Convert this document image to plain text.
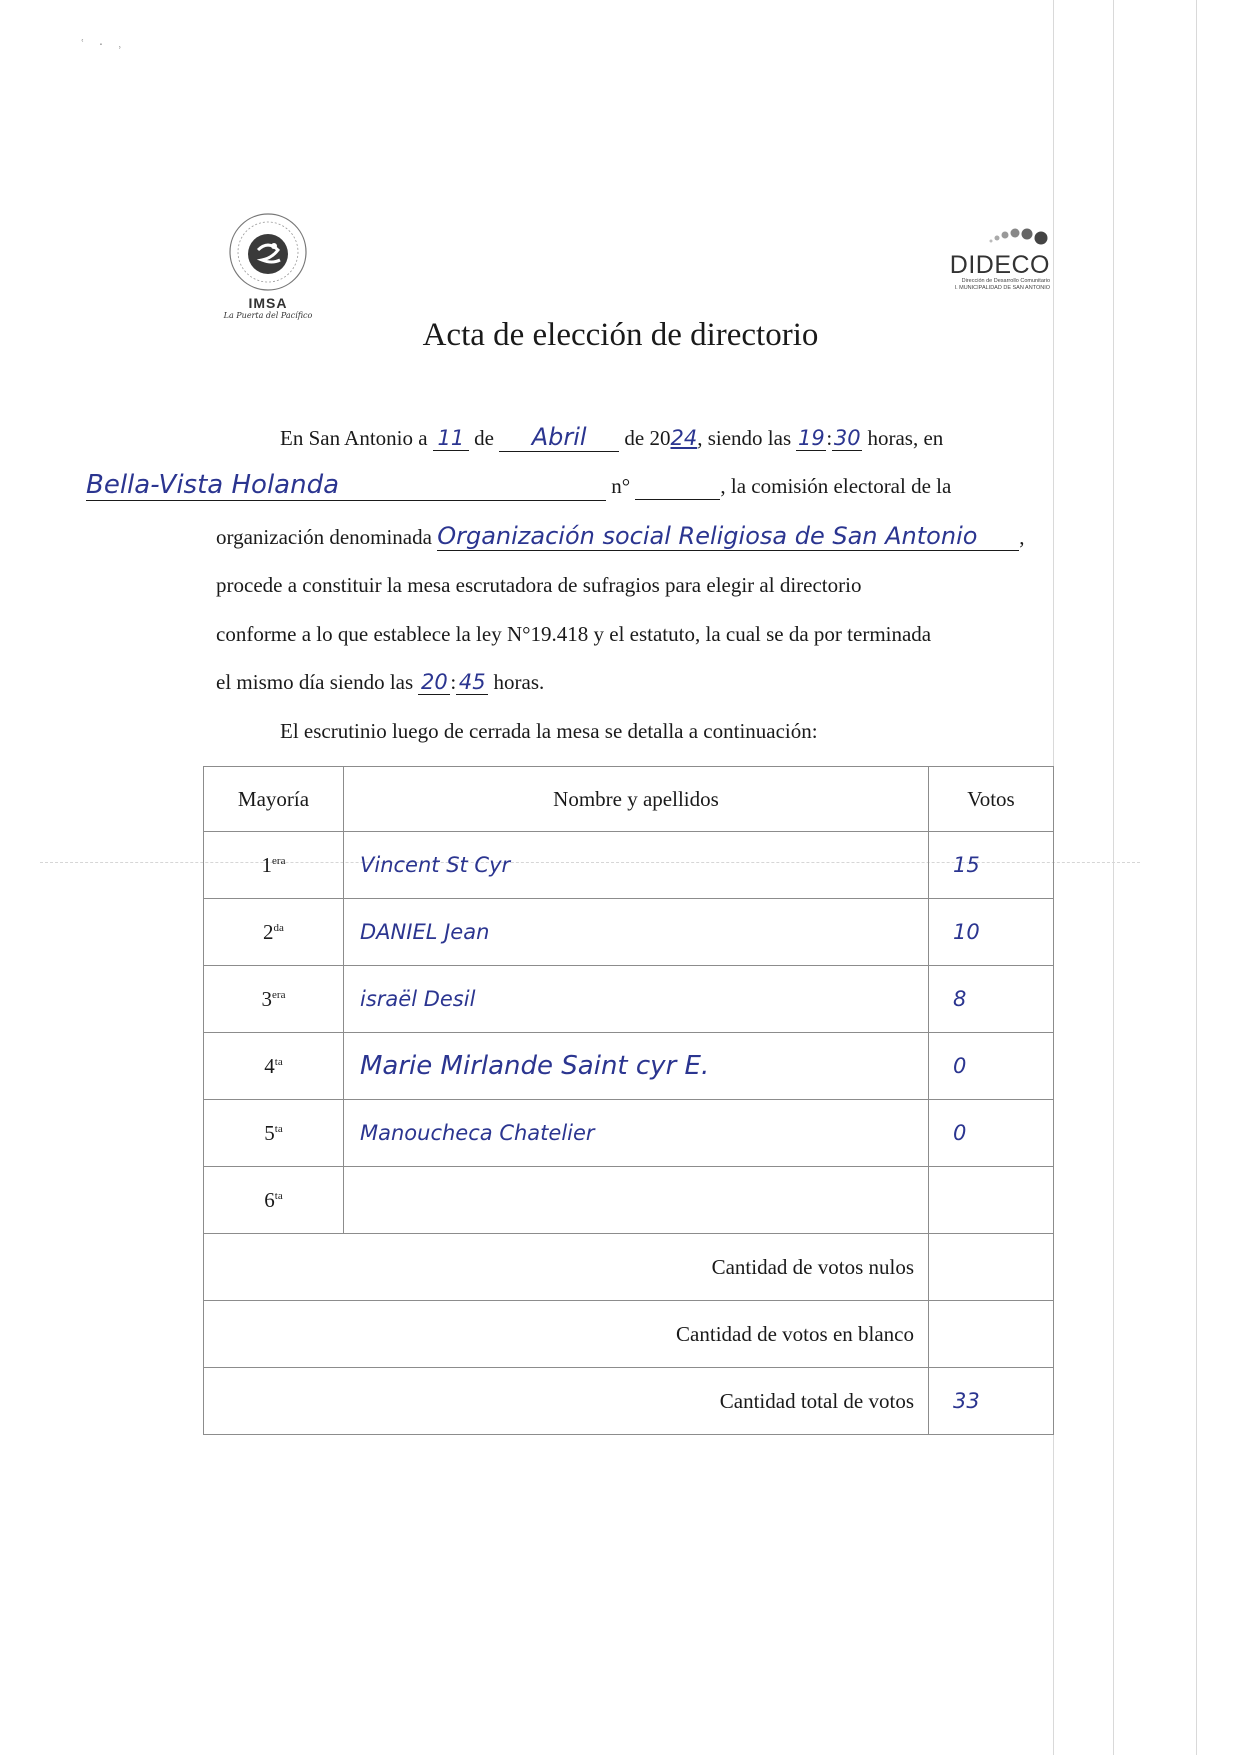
ʿ    ·    ˒
IMSA
La Puerta del Pacífico
DIDECO
Dirección de Desarrollo Comunitario
I. MUNICIPALIDAD DE SAN ANTONIO
Acta de elección de directorio
En San Antonio a 11 de Abril de 2024, siendo las 19:30 horas, en
Bella-Vista Holanda	n°	, la comisión electoral de la
organización denominada Organización social Religiosa de San Antonio ,
procede a constituir la mesa escrutadora de sufragios para elegir al directorio
conforme a lo que establece la ley N°19.418 y el estatuto, la cual se da por terminada
el mismo día siendo las 20 : 45 horas.
El escrutinio luego de cerrada la mesa se detalla a continuación:
Mayoría	Nombre y apellidos	Votos
$1^{era}$	Vincent St Cyr	15
$2^{da}$	DANIEL Jean	10
$3^{era}$	israël Desil	8
$4^{ta}$	Marie Mirlande Saint cyr E.	0
$5^{ta}$	Manoucheca Chatelier	0
$6^{ta}$		
Cantidad de votos nulos		
Cantidad de votos en blanco		
Cantidad total de votos		33
